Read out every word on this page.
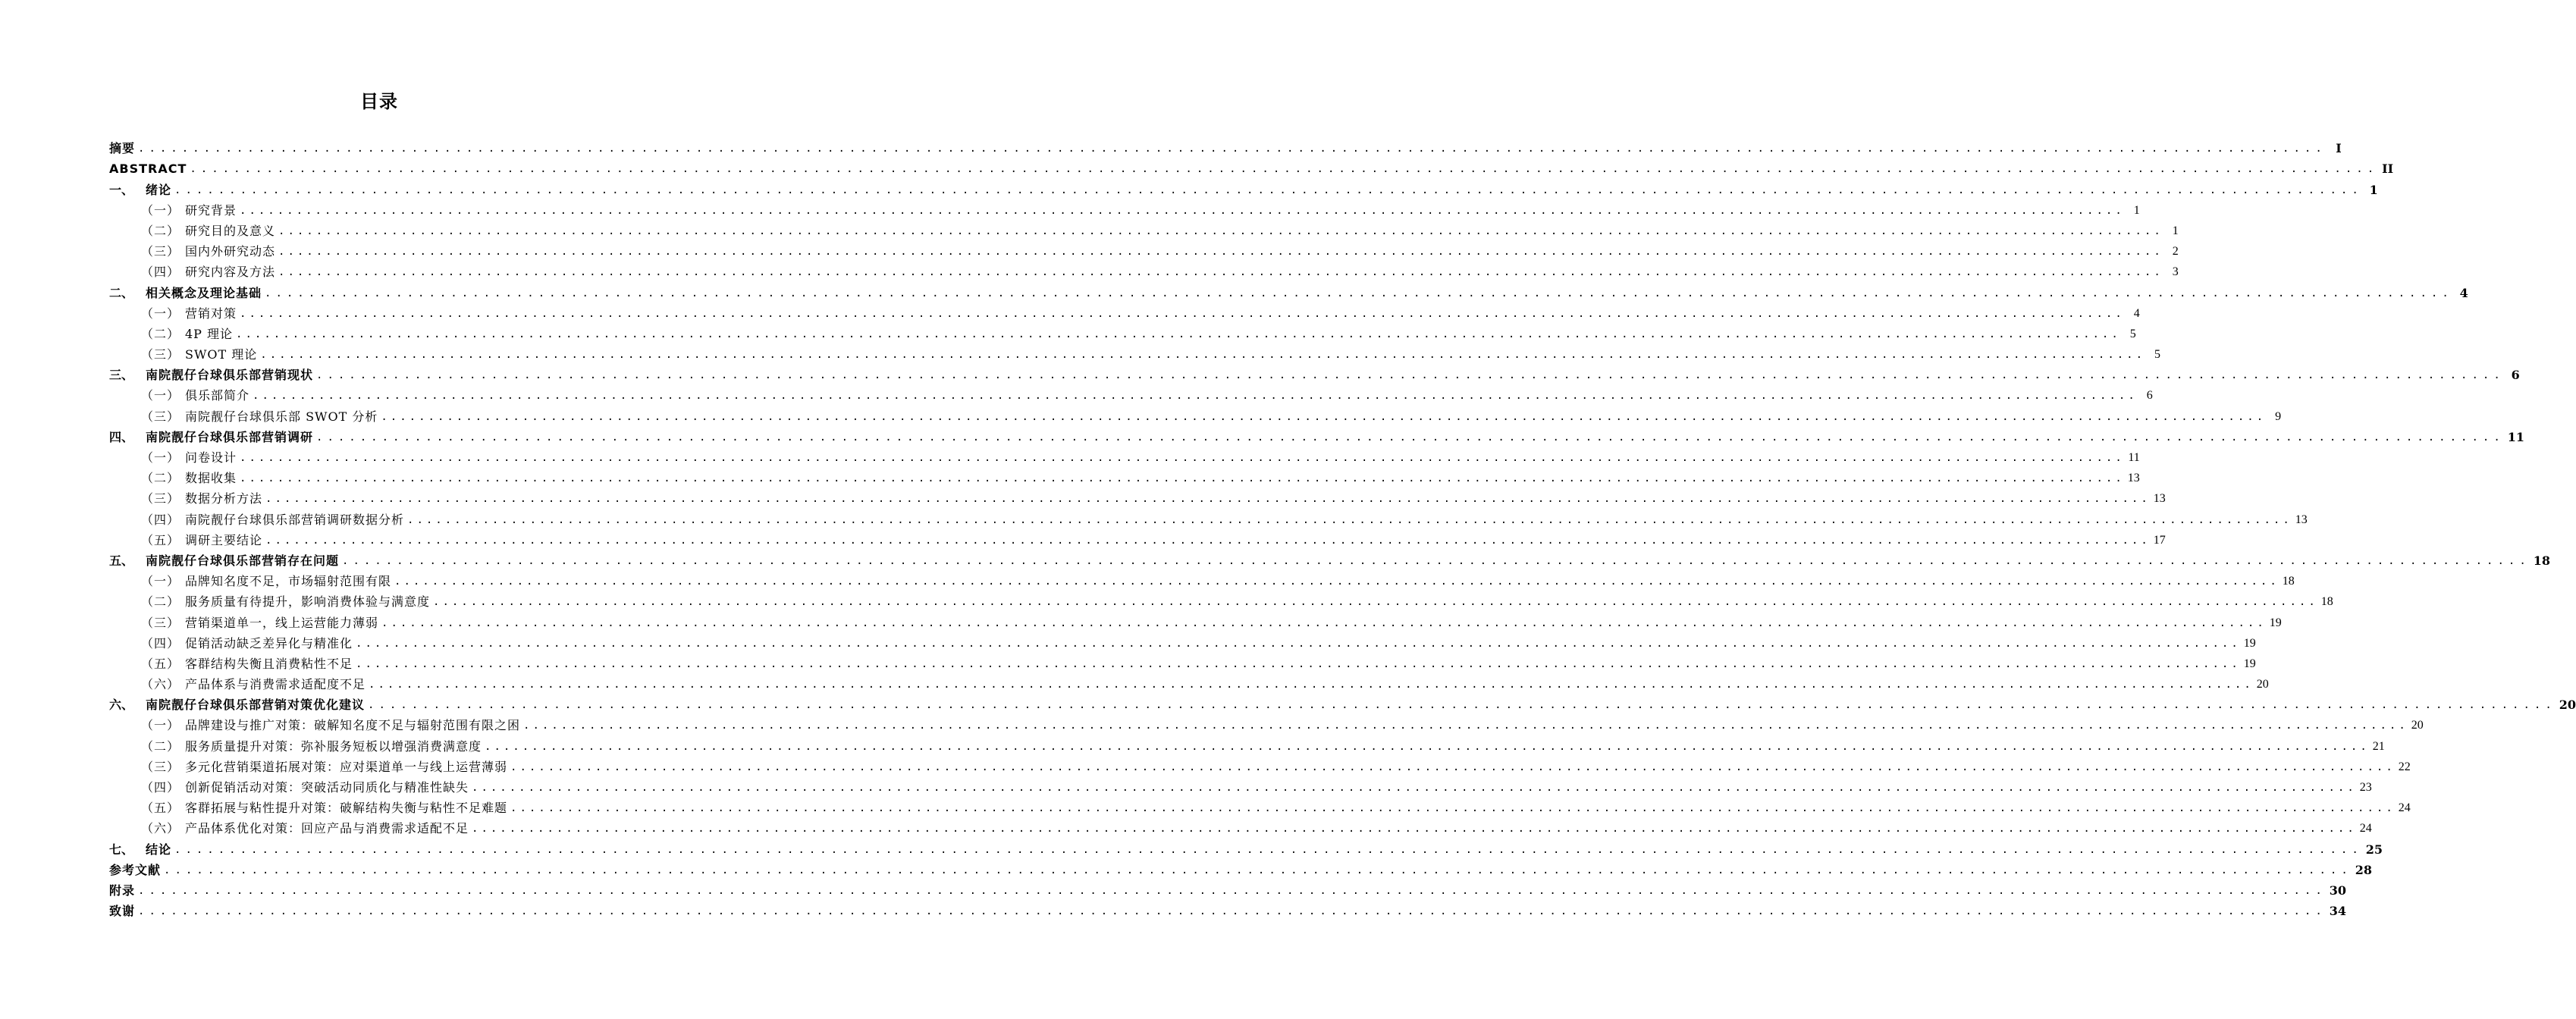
目录
摘要 ........................................................................................................................................................................................................ I
ABSTRACT ........................................................................................................................................................................................................ II
一、 绪论 ........................................................................................................................................................................................................ 1
（一） 研究背景 ........................................................................................................................................................................................................ 1
（二） 研究目的及意义 ........................................................................................................................................................................................................ 1
（三） 国内外研究动态 ........................................................................................................................................................................................................ 2
（四） 研究内容及方法 ........................................................................................................................................................................................................ 3
二、 相关概念及理论基础 ........................................................................................................................................................................................................ 4
（一） 营销对策 ........................................................................................................................................................................................................ 4
（二） 4P 理论 ........................................................................................................................................................................................................ 5
（三） SWOT 理论 ........................................................................................................................................................................................................ 5
三、 南院靓仔台球俱乐部营销现状 ........................................................................................................................................................................................................ 6
（一） 俱乐部简介 ........................................................................................................................................................................................................ 6
（三） 南院靓仔台球俱乐部 SWOT 分析 ........................................................................................................................................................................................................ 9
四、 南院靓仔台球俱乐部营销调研 ........................................................................................................................................................................................................ 11
（一） 问卷设计 ........................................................................................................................................................................................................ 11
（二） 数据收集 ........................................................................................................................................................................................................ 13
（三） 数据分析方法 ........................................................................................................................................................................................................ 13
（四） 南院靓仔台球俱乐部营销调研数据分析 ........................................................................................................................................................................................................ 13
（五） 调研主要结论 ........................................................................................................................................................................................................ 17
五、 南院靓仔台球俱乐部营销存在问题 ........................................................................................................................................................................................................ 18
（一） 品牌知名度不足，市场辐射范围有限 ........................................................................................................................................................................................................ 18
（二） 服务质量有待提升，影响消费体验与满意度 ........................................................................................................................................................................................................ 18
（三） 营销渠道单一，线上运营能力薄弱 ........................................................................................................................................................................................................ 19
（四） 促销活动缺乏差异化与精准化 ........................................................................................................................................................................................................ 19
（五） 客群结构失衡且消费粘性不足 ........................................................................................................................................................................................................ 19
（六） 产品体系与消费需求适配度不足 ........................................................................................................................................................................................................ 20
六、 南院靓仔台球俱乐部营销对策优化建议 ........................................................................................................................................................................................................ 20
（一） 品牌建设与推广对策：破解知名度不足与辐射范围有限之困 ........................................................................................................................................................................................................ 20
（二） 服务质量提升对策：弥补服务短板以增强消费满意度 ........................................................................................................................................................................................................ 21
（三） 多元化营销渠道拓展对策：应对渠道单一与线上运营薄弱 ........................................................................................................................................................................................................ 22
（四） 创新促销活动对策：突破活动同质化与精准性缺失 ........................................................................................................................................................................................................ 23
（五） 客群拓展与粘性提升对策：破解结构失衡与粘性不足难题 ........................................................................................................................................................................................................ 24
（六） 产品体系优化对策：回应产品与消费需求适配不足 ........................................................................................................................................................................................................ 24
七、 结论 ........................................................................................................................................................................................................ 25
参考文献 ........................................................................................................................................................................................................ 28
附录 ........................................................................................................................................................................................................ 30
致谢 ........................................................................................................................................................................................................ 34
